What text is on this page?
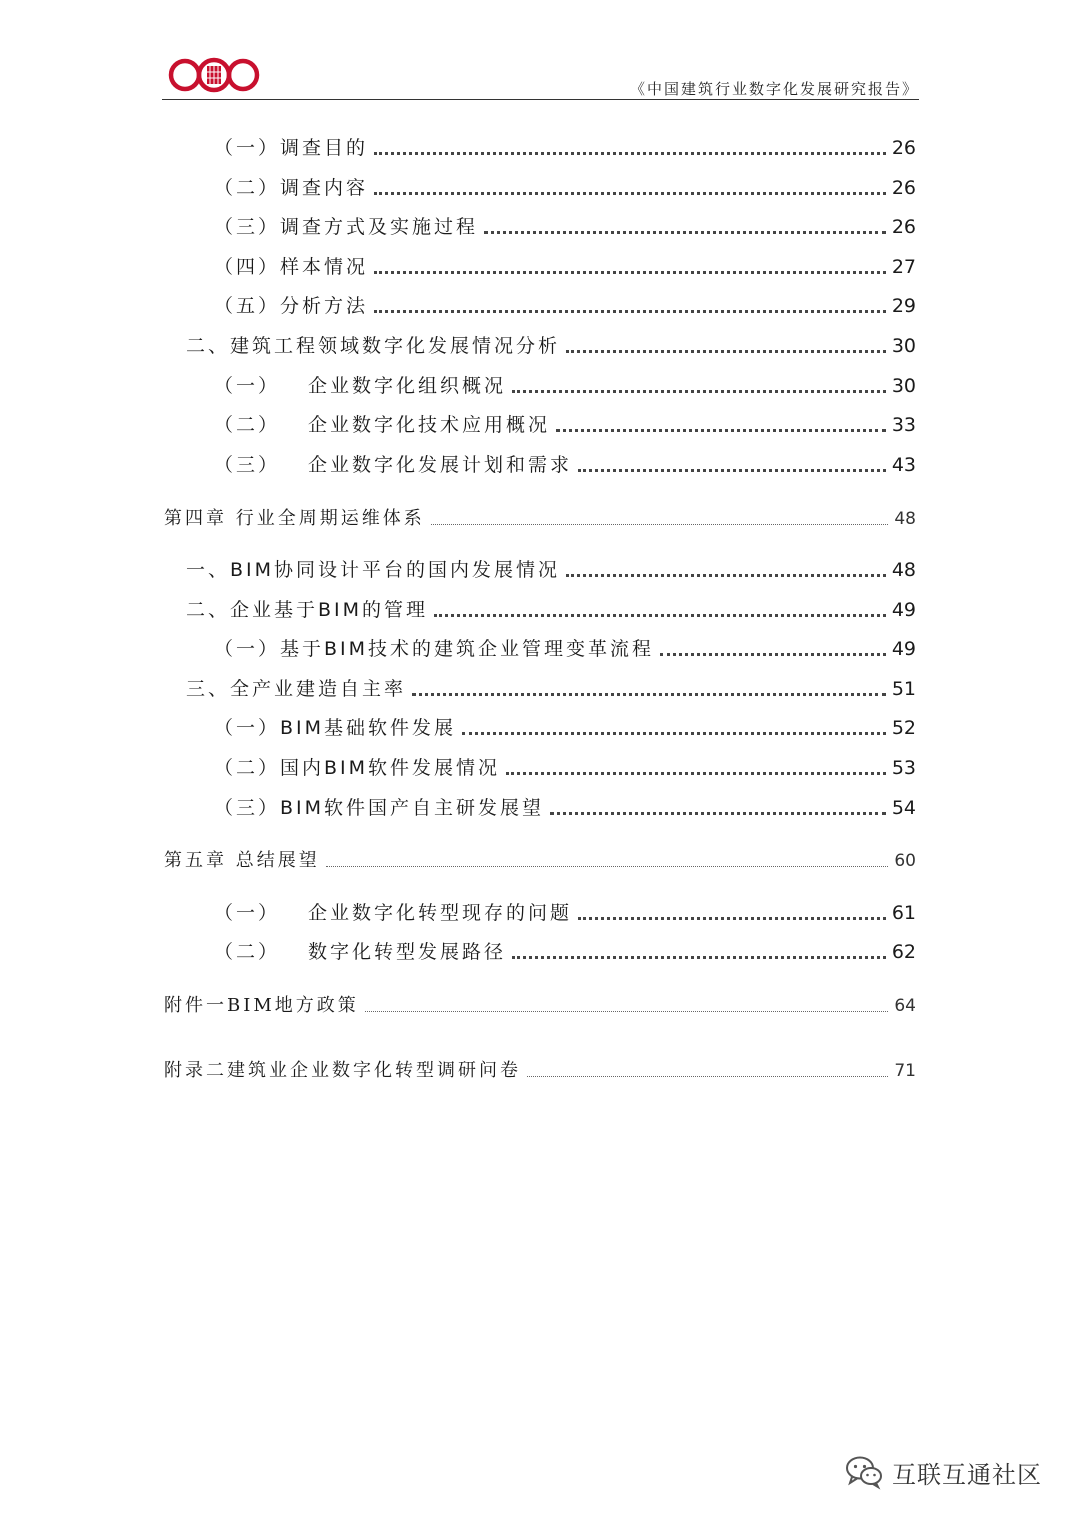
《中国建筑行业数字化发展研究报告》
（一）调查目的	26
（二）调查内容	26
（三）调查方式及实施过程	26
（四）样本情况	27
（五）分析方法	29
二、建筑工程领域数字化发展情况分析	30
（一） 企业数字化组织概况	30
（二） 企业数字化技术应用概况	33
（三） 企业数字化发展计划和需求	43
第四章 行业全周期运维体系	48
一、BIM协同设计平台的国内发展情况	48
二、企业基于BIM的管理	49
（一）基于BIM技术的建筑企业管理变革流程	49
三、全产业建造自主率	51
（一）BIM基础软件发展	52
（二）国内BIM软件发展情况	53
（三）BIM软件国产自主研发展望	54
第五章 总结展望	60
（一） 企业数字化转型现存的问题	61
（二） 数字化转型发展路径	62
附件一BIM地方政策	64
附录二建筑业企业数字化转型调研问卷	71
互联互通社区
